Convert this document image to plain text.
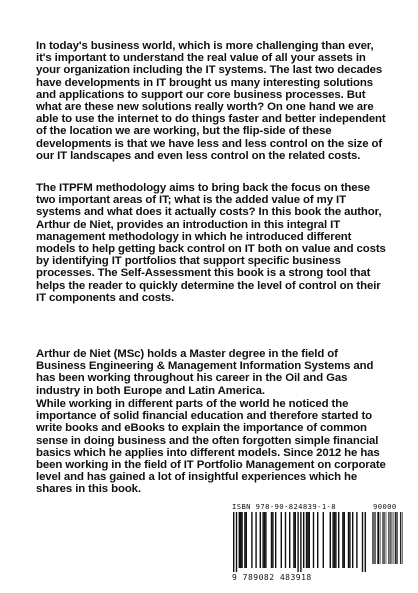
In today's business world, which is more challenging than ever, it's important to understand the real value of all your assets in your organization including the IT systems. The last two decades have developments in IT brought us many interesting solutions and applications to support our core business processes. But what are these new solutions really worth? On one hand we are able to use the internet to do things faster and better independent of the location we are working, but the flip-side of these developments is that we have less and less control on the size of our IT landscapes and even less control on the related costs.

The ITPFM methodology aims to bring back the focus on these two important areas of IT; what is the added value of my IT systems and what does it actually costs? In this book the author, Arthur de Niet, provides an introduction in this integral IT management methodology in which he introduced different models to help getting back control on IT both on value and costs by identifying IT portfolios that support specific business processes. The Self-Assessment this book is a strong tool that helps the reader to quickly determine the level of control on their IT components and costs.

Arthur de Niet (MSc) holds a Master degree in the field of Business Engineering & Management Information Systems and has been working throughout his career in the Oil and Gas industry in both Europe and Latin America.

While working in different parts of the world he noticed the importance of solid financial education and therefore started to write books and eBooks to explain the importance of common sense in doing business and the often forgotten simple financial basics which he applies into different models. Since 2012 he has been working in the field of IT Portfolio Management on corporate level and has gained a lot of insightful experiences which he shares in this book.

ISBN 978-90-824839-1-8	90000
9 789082 483918
